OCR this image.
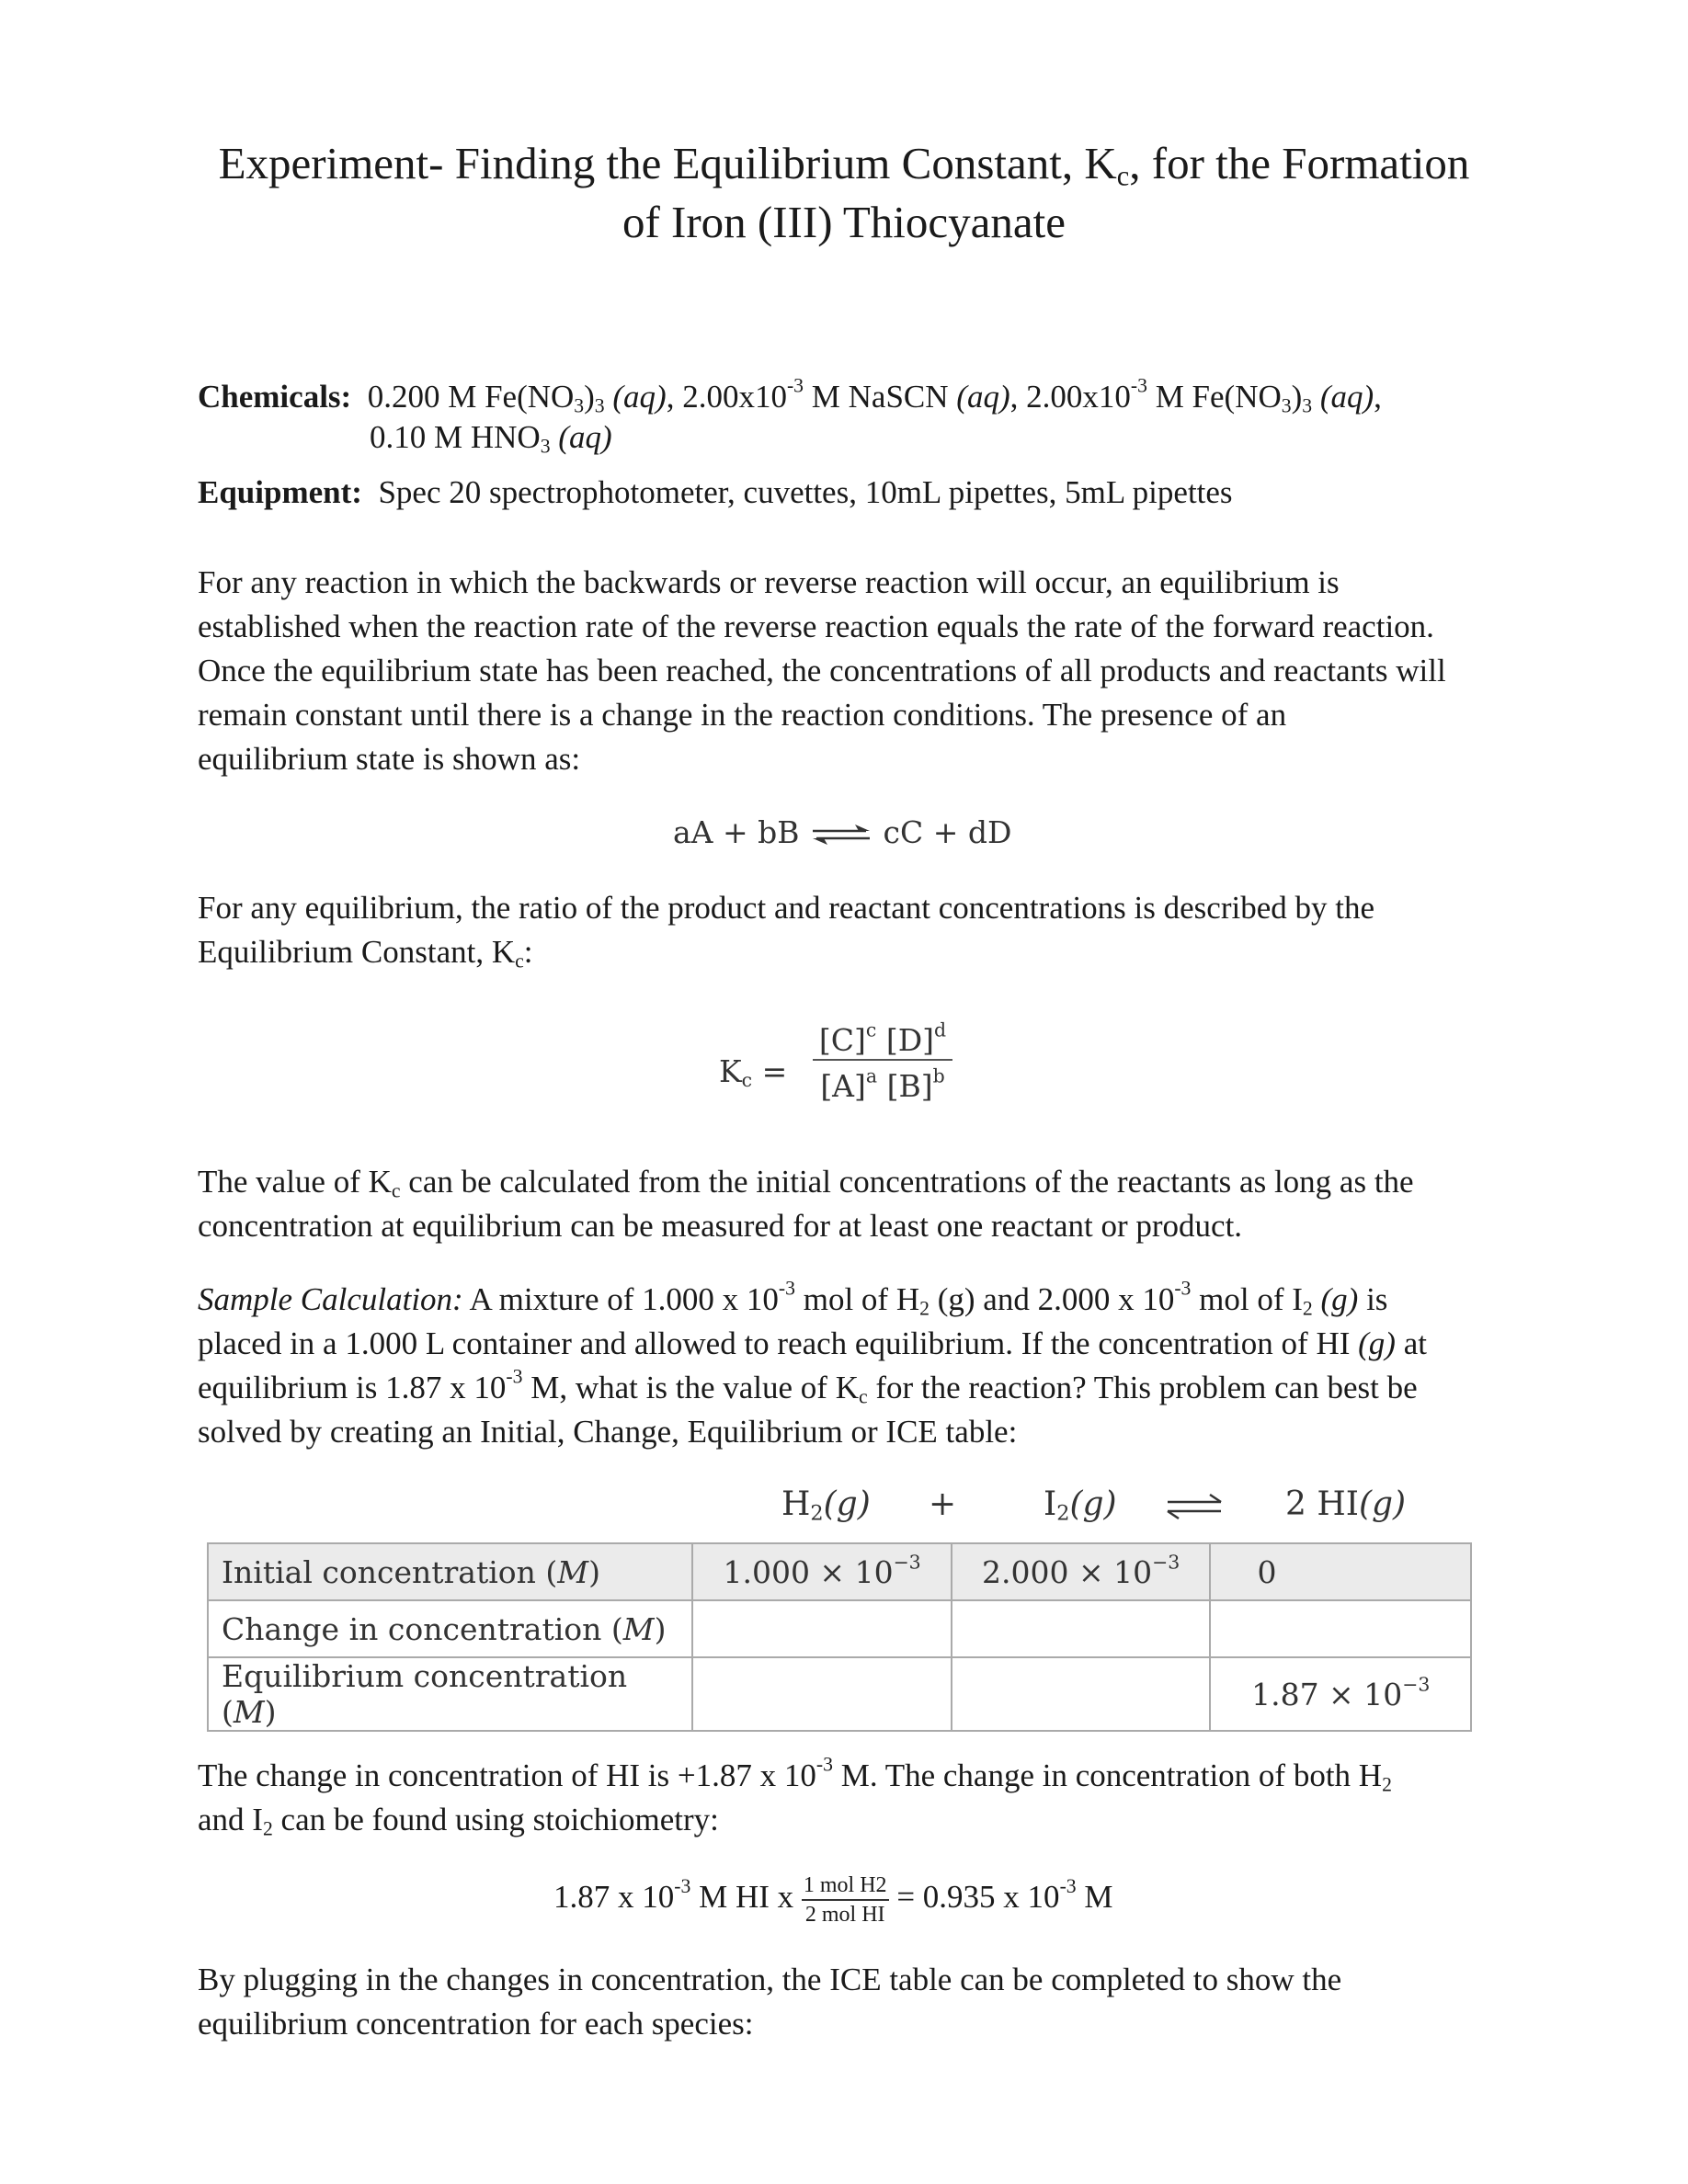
Experiment- Finding the Equilibrium Constant, $K_c$, for the Formation
of Iron (III) Thiocyanate
Chemicals: 0.200 M $Fe(NO_3)_3$ (aq), $2.00x10^{-3}$ M NaSCN (aq), $2.00x10^{-3}$ M $Fe(NO_3)_3$ (aq),
0.10 M $HNO_3$ (aq)
Equipment: Spec 20 spectrophotometer, cuvettes, 10mL pipettes, 5mL pipettes
For any reaction in which the backwards or reverse reaction will occur, an equilibrium is
established when the reaction rate of the reverse reaction equals the rate of the forward reaction.
Once the equilibrium state has been reached, the concentrations of all products and reactants will
remain constant until there is a change in the reaction conditions. The presence of an
equilibrium state is shown as:
aA + bB ⇌ cC + dD
For any equilibrium, the ratio of the product and reactant concentrations is described by the
Equilibrium Constant, $K_c$:
$K_c = \frac{[C]^c [D]^d}{[A]^a [B]^b}$
The value of $K_c$ can be calculated from the initial concentrations of the reactants as long as the
concentration at equilibrium can be measured for at least one reactant or product.
Sample Calculation: A mixture of 1.000 x $10^{-3}$ mol of $H_2$ (g) and 2.000 x $10^{-3}$ mol of $I_2$ (g) is
placed in a 1.000 L container and allowed to reach equilibrium. If the concentration of HI (g) at
equilibrium is 1.87 x $10^{-3}$ M, what is the value of $K_c$ for the reaction? This problem can best be
solved by creating an Initial, Change, Equilibrium or ICE table:
$H_2(g)$ +	$I_2(g)$	2 HI(g)
Initial concentration (M)	$1.000 \times 10^{-3}$	$2.000 \times 10^{-3}$	0
Change in concentration (M)			
Equilibrium concentration (M)			$1.87 \times 10^{-3}$
The change in concentration of HI is +1.87 x $10^{-3}$ M. The change in concentration of both $H_2$
and $I_2$ can be found using stoichiometry:
1.87 x $10^{-3}$ M HI x $\frac{\text{1 mol H2}}{\text{2 mol HI}} = 0.935$ x $10^{-3}$ M
By plugging in the changes in concentration, the ICE table can be completed to show the
equilibrium concentration for each species:
